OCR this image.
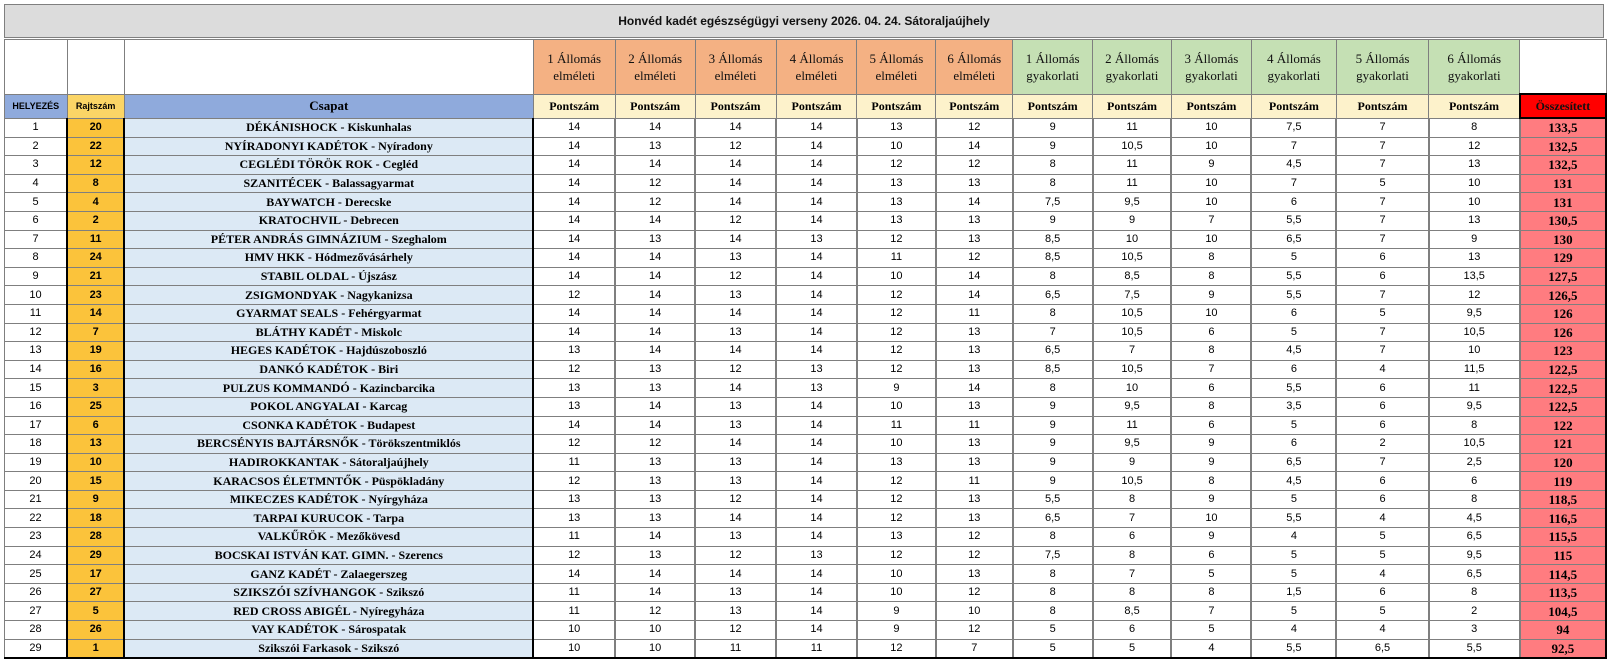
Honvéd kadét egészségügyi verseny 2026. 04. 24. Sátoraljaújhely
			1 Állomás elméleti	2 Állomás elméleti	3 Állomás elméleti	4 Állomás elméleti	5 Állomás elméleti	6 Állomás elméleti	1 Állomás gyakorlati	2 Állomás gyakorlati	3 Állomás gyakorlati	4 Állomás gyakorlati	5 Állomás gyakorlati	6 Állomás gyakorlati	
HELYEZÉS	Rajtszám	Csapat	Pontszám	Pontszám	Pontszám	Pontszám	Pontszám	Pontszám	Pontszám	Pontszám	Pontszám	Pontszám	Pontszám	Pontszám	Összesített
1	20	DÉKÁNISHOCK - Kiskunhalas	14	14	14	14	13	12	9	11	10	7,5	7	8	133,5
2	22	NYÍRADONYI KADÉTOK - Nyíradony	14	13	12	14	10	14	9	10,5	10	7	7	12	132,5
3	12	CEGLÉDI TÖRÖK ROK - Cegléd	14	14	14	14	12	12	8	11	9	4,5	7	13	132,5
4	8	SZANITÉCEK - Balassagyarmat	14	12	14	14	13	13	8	11	10	7	5	10	131
5	4	BAYWATCH - Derecske	14	12	14	14	13	14	7,5	9,5	10	6	7	10	131
6	2	KRATOCHVIL - Debrecen	14	14	12	14	13	13	9	9	7	5,5	7	13	130,5
7	11	PÉTER ANDRÁS GIMNÁZIUM - Szeghalom	14	13	14	13	12	13	8,5	10	10	6,5	7	9	130
8	24	HMV HKK - Hódmezővásárhely	14	14	13	14	11	12	8,5	10,5	8	5	6	13	129
9	21	STABIL OLDAL - Újszász	14	14	12	14	10	14	8	8,5	8	5,5	6	13,5	127,5
10	23	ZSIGMONDYAK - Nagykanizsa	12	14	13	14	12	14	6,5	7,5	9	5,5	7	12	126,5
11	14	GYARMAT SEALS - Fehérgyarmat	14	14	14	14	12	11	8	10,5	10	6	5	9,5	126
12	7	BLÁTHY KADÉT - Miskolc	14	14	13	14	12	13	7	10,5	6	5	7	10,5	126
13	19	HEGES KADÉTOK - Hajdúszoboszló	13	14	14	14	12	13	6,5	7	8	4,5	7	10	123
14	16	DANKÓ KADÉTOK - Biri	12	13	12	13	12	13	8,5	10,5	7	6	4	11,5	122,5
15	3	PULZUS KOMMANDÓ - Kazincbarcika	13	13	14	13	9	14	8	10	6	5,5	6	11	122,5
16	25	POKOL ANGYALAI - Karcag	13	14	13	14	10	13	9	9,5	8	3,5	6	9,5	122,5
17	6	CSONKA KADÉTOK - Budapest	14	14	13	14	11	11	9	11	6	5	6	8	122
18	13	BERCSÉNYIS BAJTÁRSNŐK - Törökszentmiklós	12	12	14	14	10	13	9	9,5	9	6	2	10,5	121
19	10	HADIROKKANTAK - Sátoraljaújhely	11	13	13	14	13	13	9	9	9	6,5	7	2,5	120
20	15	KARACSOS ÉLETMNTŐK - Püspökladány	12	13	13	14	12	11	9	10,5	8	4,5	6	6	119
21	9	MIKECZES KADÉTOK - Nyírgyháza	13	13	12	14	12	13	5,5	8	9	5	6	8	118,5
22	18	TARPAI KURUCOK - Tarpa	13	13	14	14	12	13	6,5	7	10	5,5	4	4,5	116,5
23	28	VALKŰRÖK - Mezőkövesd	11	14	13	14	13	12	8	6	9	4	5	6,5	115,5
24	29	BOCSKAI ISTVÁN KAT. GIMN. - Szerencs	12	13	12	13	12	12	7,5	8	6	5	5	9,5	115
25	17	GANZ KADÉT - Zalaegerszeg	14	14	14	14	10	13	8	7	5	5	4	6,5	114,5
26	27	SZIKSZÓI SZÍVHANGOK - Szikszó	11	14	13	14	10	12	8	8	8	1,5	6	8	113,5
27	5	RED CROSS ABIGÉL - Nyíregyháza	11	12	13	14	9	10	8	8,5	7	5	5	2	104,5
28	26	VAY KADÉTOK - Sárospatak	10	10	12	14	9	12	5	6	5	4	4	3	94
29	1	Szikszói Farkasok - Szikszó	10	10	11	11	12	7	5	5	4	5,5	6,5	5,5	92,5
